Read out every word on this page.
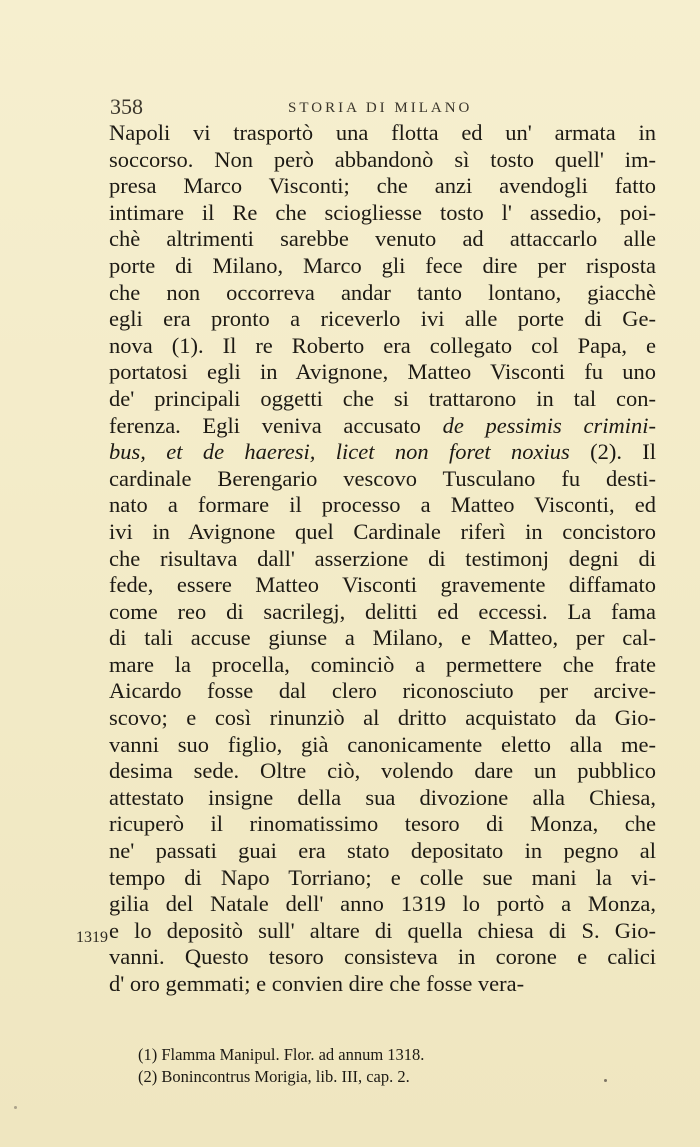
358	STORIA DI MILANO
Napoli vi trasportò una flotta ed un' armata in
soccorso. Non però abbandonò sì tosto quell' im-
presa Marco Visconti; che anzi avendogli fatto
intimare il Re che sciogliesse tosto l' assedio, poi-
chè altrimenti sarebbe venuto ad attaccarlo alle
porte di Milano, Marco gli fece dire per risposta
che non occorreva andar tanto lontano, giacchè
egli era pronto a riceverlo ivi alle porte di Ge-
nova (1). Il re Roberto era collegato col Papa, e
portatosi egli in Avignone, Matteo Visconti fu uno
de' principali oggetti che si trattarono in tal con-
ferenza. Egli veniva accusato de pessimis crimini-
bus, et de haeresi, licet non foret noxius (2). Il
cardinale Berengario vescovo Tusculano fu desti-
nato a formare il processo a Matteo Visconti, ed
ivi in Avignone quel Cardinale riferì in concistoro
che risultava dall' asserzione di testimonj degni di
fede, essere Matteo Visconti gravemente diffamato
come reo di sacrilegj, delitti ed eccessi. La fama
di tali accuse giunse a Milano, e Matteo, per cal-
mare la procella, cominciò a permettere che frate
Aicardo fosse dal clero riconosciuto per arcive-
scovo; e così rinunziò al dritto acquistato da Gio-
vanni suo figlio, già canonicamente eletto alla me-
desima sede. Oltre ciò, volendo dare un pubblico
attestato insigne della sua divozione alla Chiesa,
ricuperò il rinomatissimo tesoro di Monza, che
ne' passati guai era stato depositato in pegno al
tempo di Napo Torriano; e colle sue mani la vi-
gilia del Natale dell' anno 1319 lo portò a Monza,
e lo depositò sull' altare di quella chiesa di S. Gio-
vanni. Questo tesoro consisteva in corone e calici
d' oro gemmati; e convien dire che fosse vera-
1319
(1) Flamma Manipul. Flor. ad annum 1318.
(2) Bonincontrus Morigia, lib. III, cap. 2.
